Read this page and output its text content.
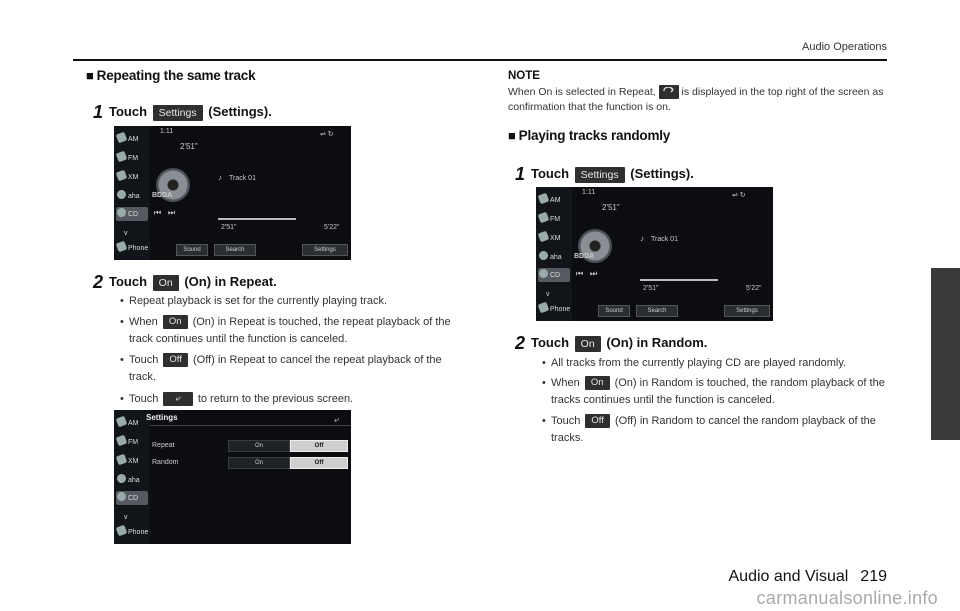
Audio Operations
■ Repeating the same track
1 Touch Settings (Settings).
AM
FM
XM
aha
CD
v
Phone
1:11
2'51"
⇌ ↻
BDDA
♪ Track 01
⏮   ⏭
2'51"	5'22"
Sound	Search	Settings
2 Touch On (On) in Repeat.
• Repeat playback is set for the currently playing track.
• When On (On) in Repeat is touched, the repeat playback of the track continues until the function is canceled.
• Touch Off (Off) in Repeat to cancel the repeat playback of the track.
• Touch ⤶ to return to the previous screen.
AM
FM
XM
aha
CD
v
Phone
Settings	⤶
Repeat	On	Off
Random	On	Off
NOTE
When On is selected in Repeat, is displayed in the top right of the screen as confirmation that the function is on.
■ Playing tracks randomly
1 Touch Settings (Settings).
AM
FM
XM
aha
CD
v
Phone
1:11
2'51"
⇌ ↻
BDDA
♪ Track 01
⏮   ⏭
2'51"	5'22"
Sound	Search	Settings
2 Touch On (On) in Random.
• All tracks from the currently playing CD are played randomly.
• When On (On) in Random is touched, the random playback of the tracks continues until the function is canceled.
• Touch Off (Off) in Random to cancel the random playback of the tracks.
Audio and Visual 219
carmanualsonline.info
